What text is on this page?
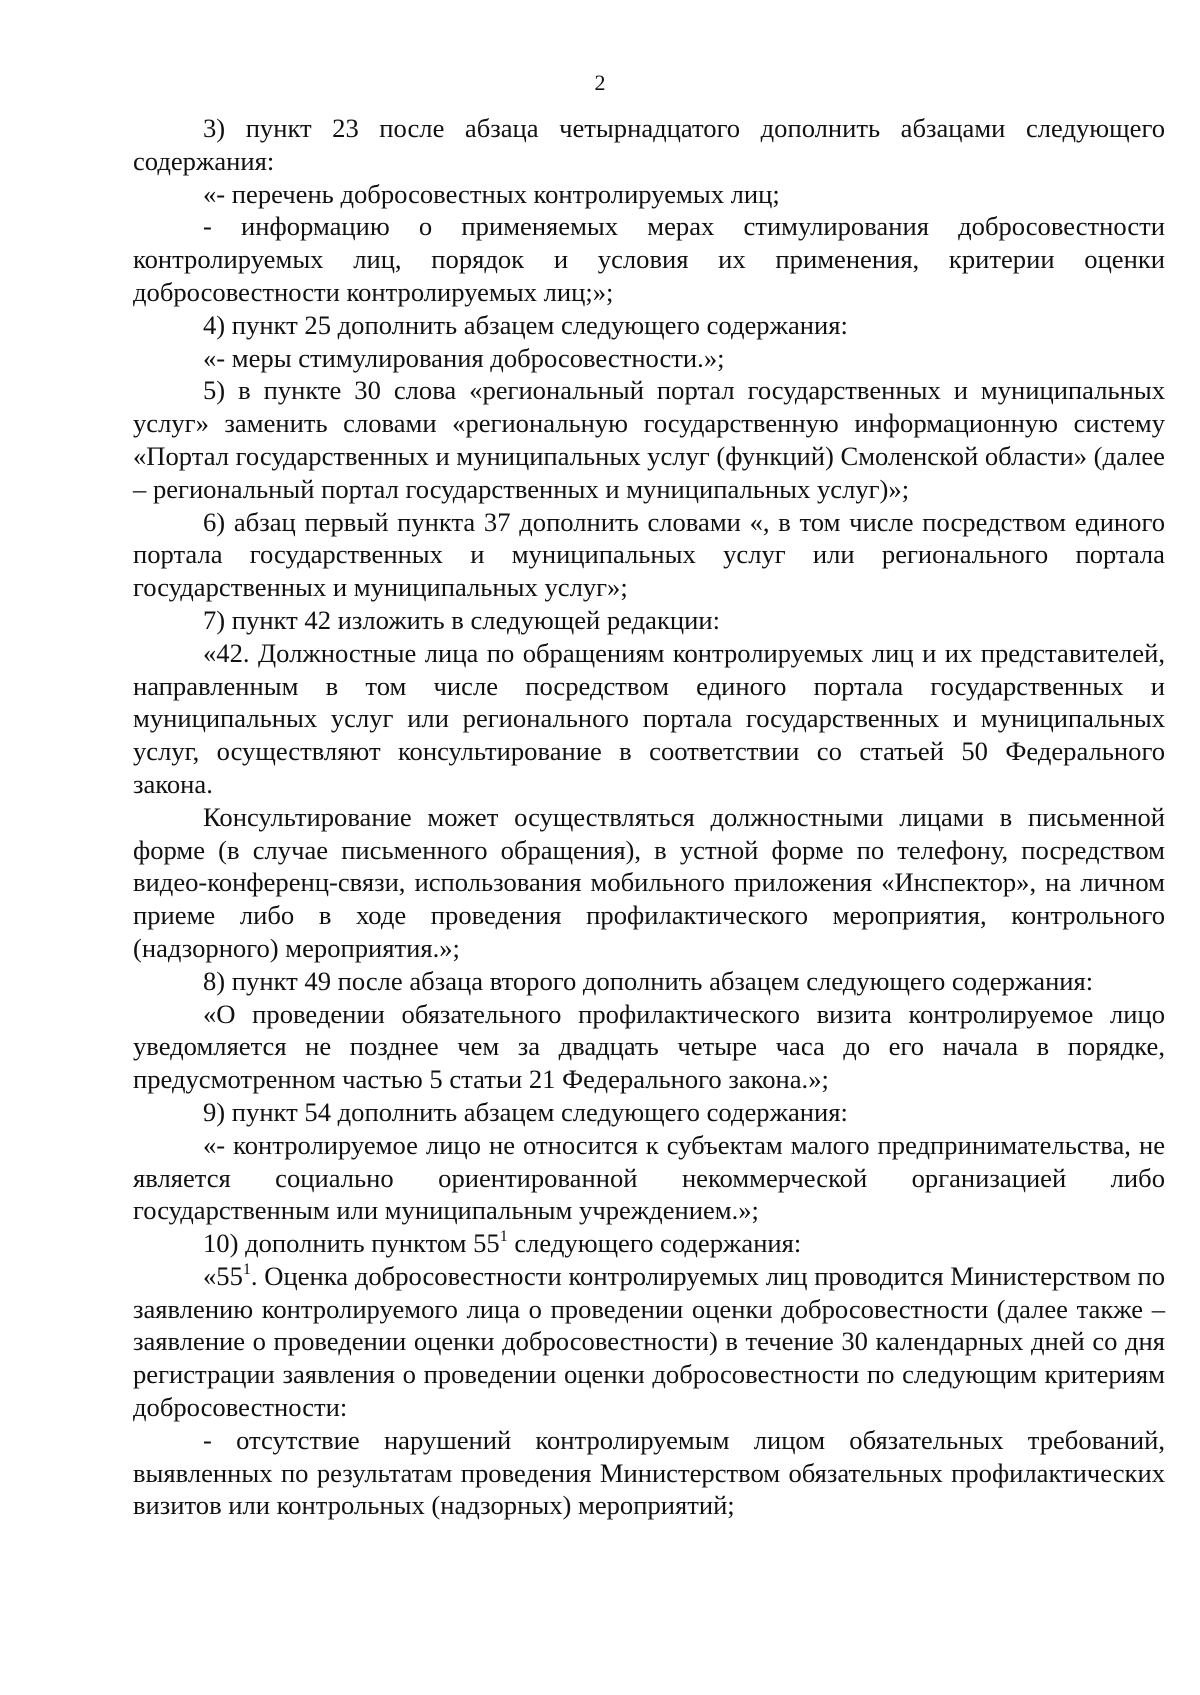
2

3) пункт 23 после абзаца четырнадцатого дополнить абзацами следующего содержания:

«- перечень добросовестных контролируемых лиц;

- информацию о применяемых мерах стимулирования добросовестности контролируемых лиц, порядок и условия их применения, критерии оценки добросовестности контролируемых лиц;»;

4) пункт 25 дополнить абзацем следующего содержания:

«- меры стимулирования добросовестности.»;

5) в пункте 30 слова «региональный портал государственных и муниципальных услуг» заменить словами «региональную государственную информационную систему «Портал государственных и муниципальных услуг (функций) Смоленской области» (далее – региональный портал государственных и муниципальных услуг)»;

6) абзац первый пункта 37 дополнить словами «, в том числе посредством единого портала государственных и муниципальных услуг или регионального портала государственных и муниципальных услуг»;

7) пункт 42 изложить в следующей редакции:

«42. Должностные лица по обращениям контролируемых лиц и их представителей, направленным в том числе посредством единого портала государственных и муниципальных услуг или регионального портала государственных и муниципальных услуг, осуществляют консультирование в соответствии со статьей 50 Федерального закона.

Консультирование может осуществляться должностными лицами в письменной форме (в случае письменного обращения), в устной форме по телефону, посредством видео-конференц-связи, использования мобильного приложения «Инспектор», на личном приеме либо в ходе проведения профилактического мероприятия, контрольного (надзорного) мероприятия.»;

8) пункт 49 после абзаца второго дополнить абзацем следующего содержания:

«О проведении обязательного профилактического визита контролируемое лицо уведомляется не позднее чем за двадцать четыре часа до его начала в порядке, предусмотренном частью 5 статьи 21 Федерального закона.»;

9) пункт 54 дополнить абзацем следующего содержания:

«- контролируемое лицо не относится к субъектам малого предпринимательства, не является социально ориентированной некоммерческой организацией либо государственным или муниципальным учреждением.»;

10) дополнить пунктом $55^1$ следующего содержания:

«$55^1$. Оценка добросовестности контролируемых лиц проводится Министерством по заявлению контролируемого лица о проведении оценки добросовестности (далее также – заявление о проведении оценки добросовестности) в течение 30 календарных дней со дня регистрации заявления о проведении оценки добросовестности по следующим критериям добросовестности:

- отсутствие нарушений контролируемым лицом обязательных требований, выявленных по результатам проведения Министерством обязательных профилактических визитов или контрольных (надзорных) мероприятий;
